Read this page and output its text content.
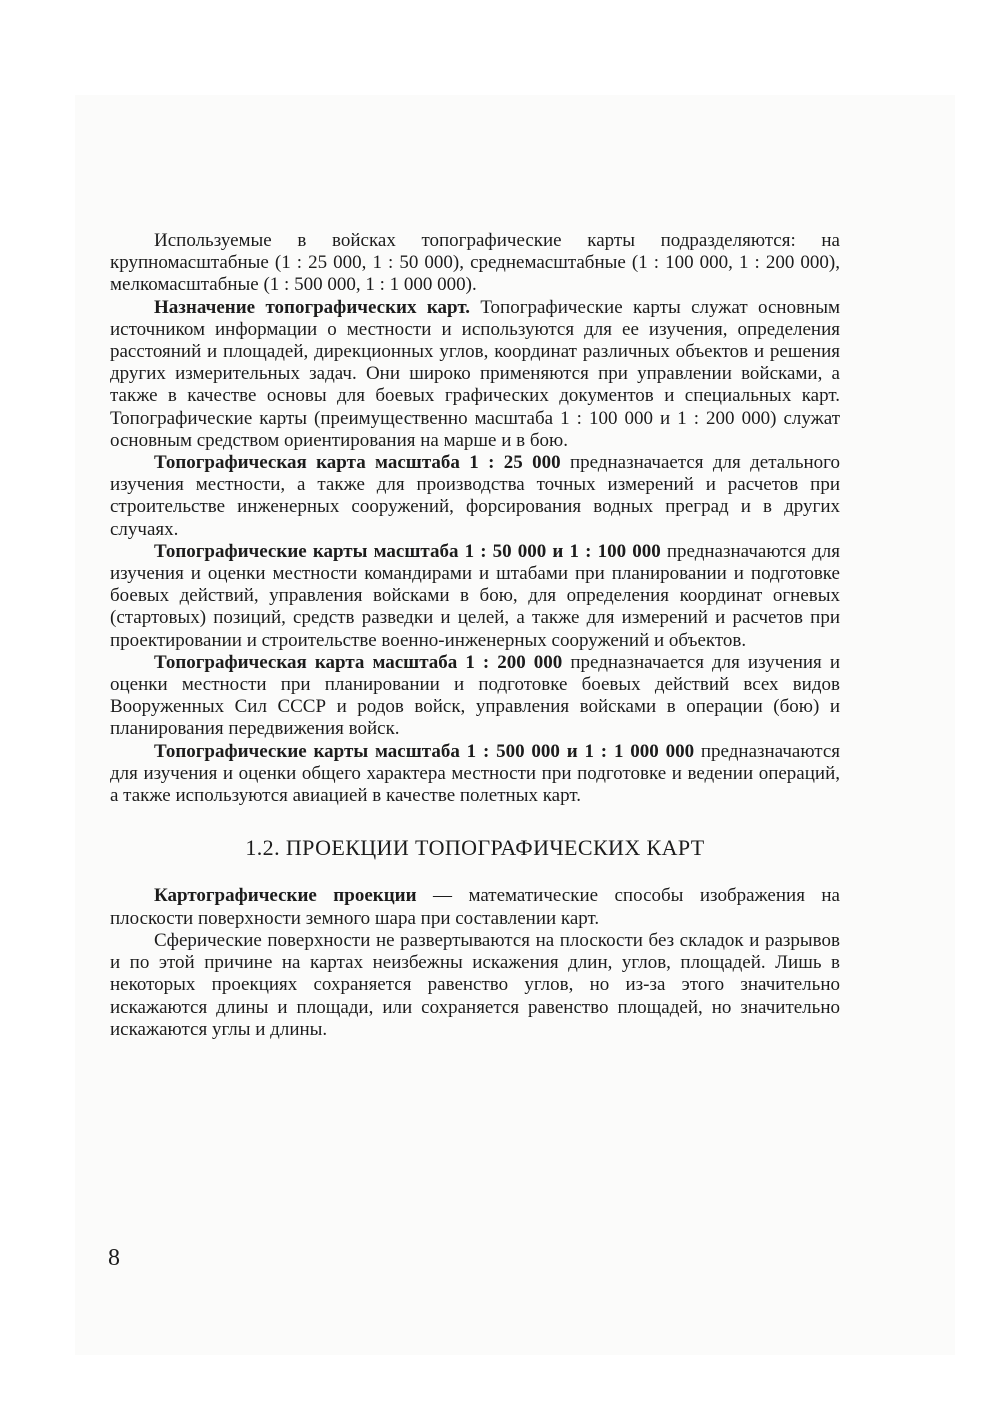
Используемые в войсках топографические карты подразделяются: на крупномасштабные (1 : 25 000, 1 : 50 000), среднемасштабные (1 : 100 000, 1 : 200 000), мелкомасштабные (1 : 500 000, 1 : 1 000 000).

Назначение топографических карт. Топографические карты служат основным источником информации о местности и используются для ее изучения, определения расстояний и площадей, дирекционных углов, координат различных объектов и решения других измерительных задач. Они широко применяются при управлении войсками, а также в качестве основы для боевых графических документов и специальных карт. Топографические карты (преимущественно масштаба 1 : 100 000 и 1 : 200 000) служат основным средством ориентирования на марше и в бою.

Топографическая карта масштаба 1 : 25 000 предназначается для детального изучения местности, а также для производства точных измерений и расчетов при строительстве инженерных сооружений, форсирования водных преград и в других случаях.

Топографические карты масштаба 1 : 50 000 и 1 : 100 000 предназначаются для изучения и оценки местности командирами и штабами при планировании и подготовке боевых действий, управления войсками в бою, для определения координат огневых (стартовых) позиций, средств разведки и целей, а также для измерений и расчетов при проектировании и строительстве военно-инженерных сооружений и объектов.

Топографическая карта масштаба 1 : 200 000 предназначается для изучения и оценки местности при планировании и подготовке боевых действий всех видов Вооруженных Сил СССР и родов войск, управления войсками в операции (бою) и планирования передвижения войск.

Топографические карты масштаба 1 : 500 000 и 1 : 1 000 000 предназначаются для изучения и оценки общего характера местности при подготовке и ведении операций, а также используются авиацией в качестве полетных карт.

1.2. ПРОЕКЦИИ ТОПОГРАФИЧЕСКИХ КАРТ

Картографические проекции — математические способы изображения на плоскости поверхности земного шара при составлении карт.

Сферические поверхности не развертываются на плоскости без складок и разрывов и по этой причине на картах неизбежны искажения длин, углов, площадей. Лишь в некоторых проекциях сохраняется равенство углов, но из-за этого значительно искажаются длины и площади, или сохраняется равенство площадей, но значительно искажаются углы и длины.

8
